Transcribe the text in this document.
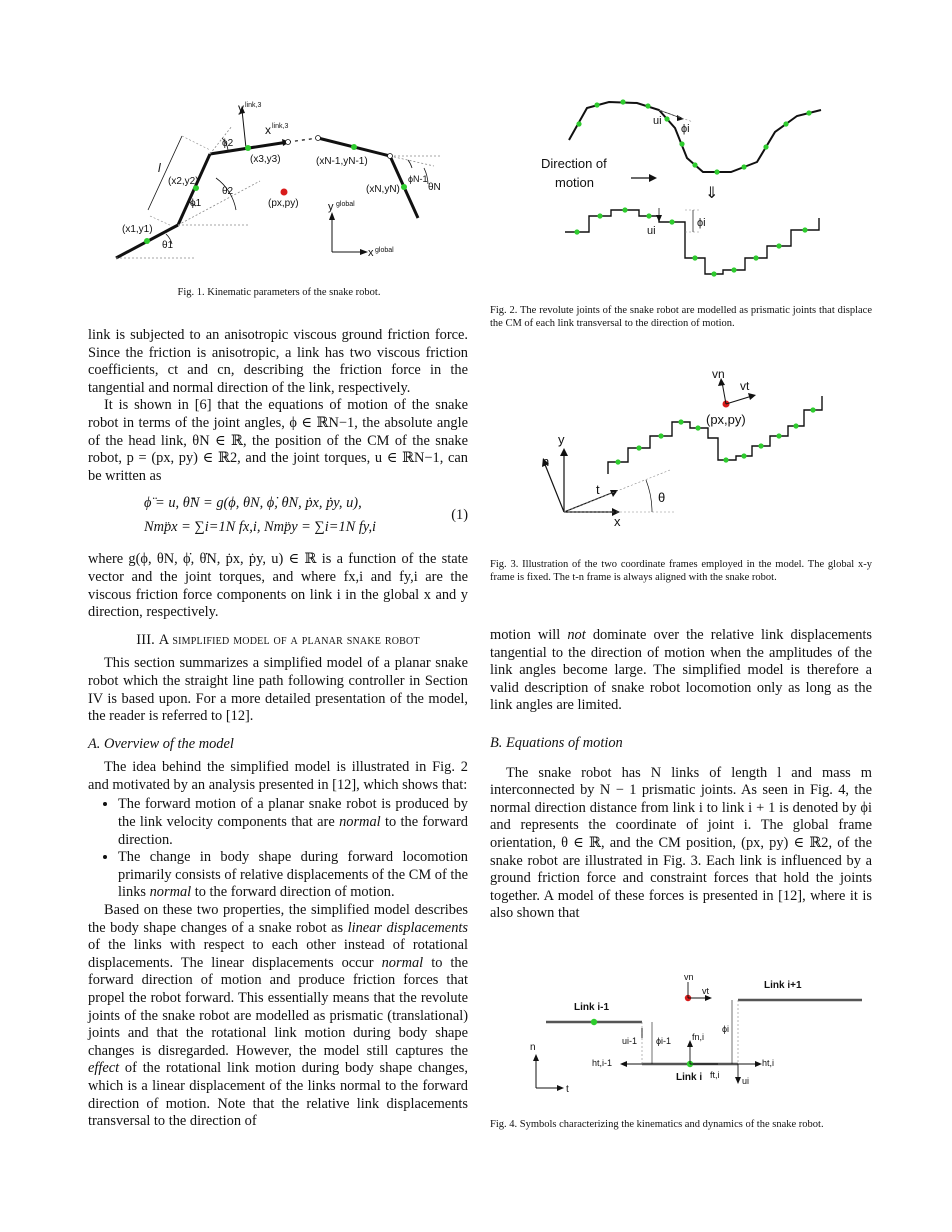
y link,3
x link,3
ϕ2
(x3,y3)	(xN-1,yN-1)
ϕN-1
l
(x2,y2)
θ2
(px,py)
(xN,yN)	θN
ϕ1	y global
(x1,y1)
θ1
x global
Fig. 1. Kinematic parameters of the snake robot.
ui
ϕi
Direction of
motion
⇓
ui
ϕi
Fig. 2. The revolute joints of the snake robot are modelled as prismatic joints that displace the CM of each link transversal to the direction of motion.
vn
vt
(px,py)
y
n
t
θ
x
Fig. 3. Illustration of the two coordinate frames employed in the model. The global x-y frame is fixed. The t-n frame is always aligned with the snake robot.
vn
vt	Link i+1
Link i-1
fn,i
ϕi
n
ui-1 ϕi-1
ht,i-1	ht,i
ft,i
Link i
t
ui
Fig. 4. Symbols characterizing the kinematics and dynamics of the snake robot.

link is subjected to an anisotropic viscous ground friction force. Since the friction is anisotropic, a link has two viscous friction coefficients, ct and cn, describing the friction force in the tangential and normal direction of the link, respectively.

It is shown in [6] that the equations of motion of the snake robot in terms of the joint angles, ϕ ∈ ℝN−1, the absolute angle of the head link, θN ∈ ℝ, the position of the CM of the snake robot, p = (px, py) ∈ ℝ2, and the joint torques, u ∈ ℝN−1, can be written as

ϕ̈ = u, θ̈N = g(ϕ, θN, ϕ̇, θ̇N, ṗx, ṗy, u),
Nmp̈x = ∑i=1N fx,i, Nmp̈y = ∑i=1N fy,i
(1)

where g(ϕ, θN, ϕ̇, θ̇N, ṗx, ṗy, u) ∈ ℝ is a function of the state vector and the joint torques, and where fx,i and fy,i are the viscous friction force components on link i in the global x and y direction, respectively.

III. A simplified model of a planar snake robot

This section summarizes a simplified model of a planar snake robot which the straight line path following controller in Section IV is based upon. For a more detailed presentation of the model, the reader is referred to [12].

A. Overview of the model

The idea behind the simplified model is illustrated in Fig. 2 and motivated by an analysis presented in [12], which shows that:

• The forward motion of a planar snake robot is produced by the link velocity components that are normal to the forward direction.
• The change in body shape during forward locomotion primarily consists of relative displacements of the CM of the links normal to the forward direction of motion.

Based on these two properties, the simplified model describes the body shape changes of a snake robot as linear displacements of the links with respect to each other instead of rotational displacements. The linear displacements occur normal to the forward direction of motion and produce friction forces that propel the robot forward. This essentially means that the revolute joints of the snake robot are modelled as prismatic (translational) joints and that the rotational link motion during body shape changes is disregarded. However, the model still captures the effect of the rotational link motion during body shape changes, which is a linear displacement of the links normal to the forward direction of motion. Note that the relative link displacements transversal to the direction of

motion will not dominate over the relative link displacements tangential to the direction of motion when the amplitudes of the link angles become large. The simplified model is therefore a valid description of snake robot locomotion only as long as the link angles are limited.

B. Equations of motion

The snake robot has N links of length l and mass m interconnected by N − 1 prismatic joints. As seen in Fig. 4, the normal direction distance from link i to link i + 1 is denoted by ϕi and represents the coordinate of joint i. The global frame orientation, θ ∈ ℝ, and the CM position, (px, py) ∈ ℝ2, of the snake robot are illustrated in Fig. 3. Each link is influenced by a ground friction force and constraint forces that hold the joints together. A model of these forces is presented in [12], where it is also shown that
